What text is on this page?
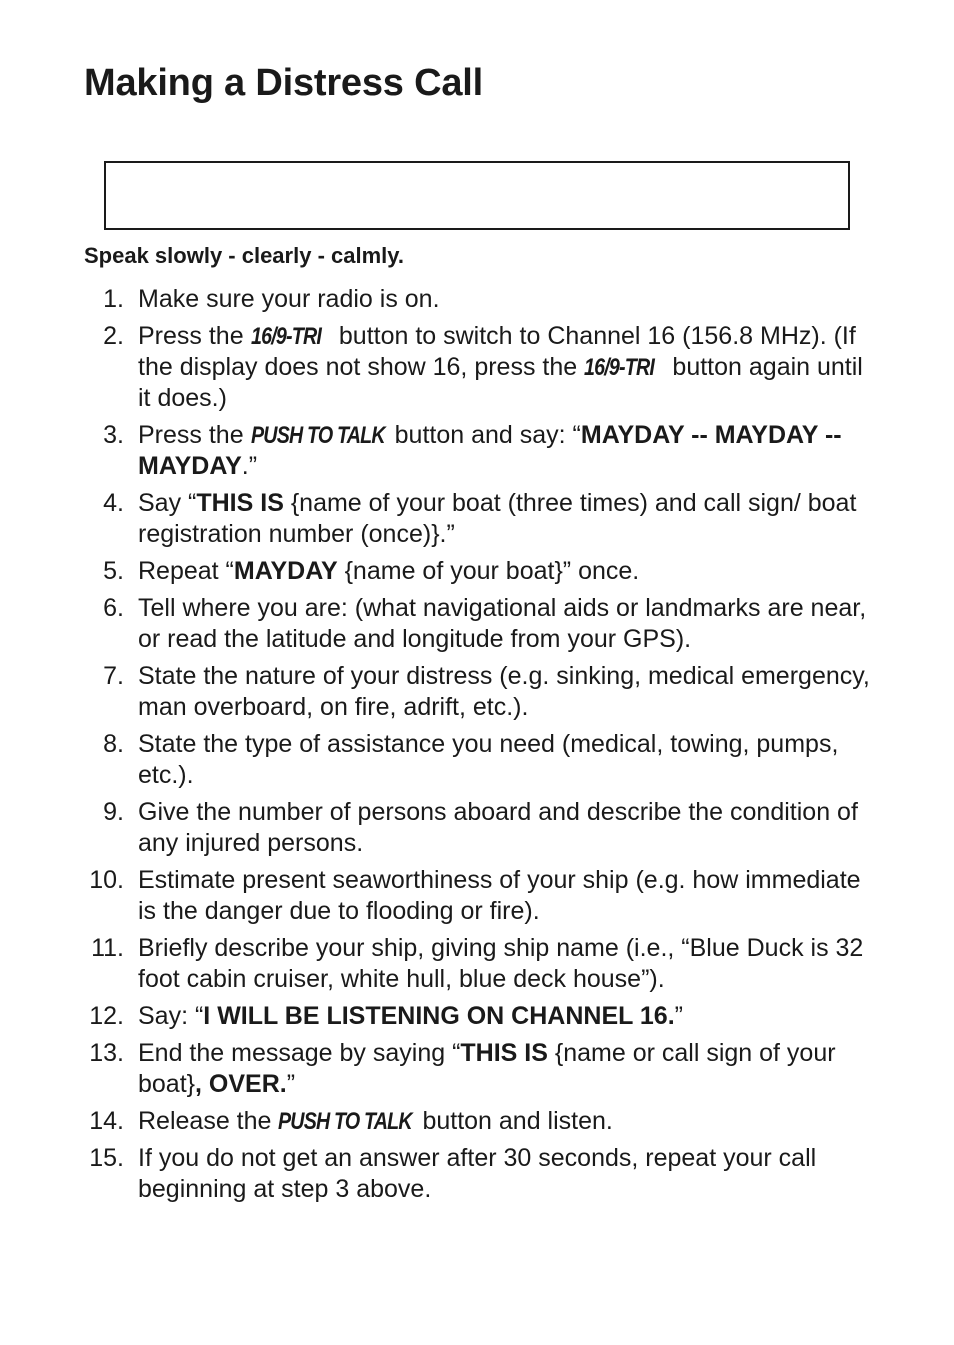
Making a Distress Call

Speak slowly - clearly - calmly.

1. Make sure your radio is on.
2. Press the 16/9-TRI button to switch to Channel 16 (156.8 MHz). (If the display does not show 16, press the 16/9-TRI button again until it does.)
3. Press the PUSH TO TALK button and say: “MAYDAY -- MAYDAY -- MAYDAY.”
4. Say “THIS IS {name of your boat (three times) and call sign/ boat registration number (once)}.”
5. Repeat “MAYDAY {name of your boat}” once.
6. Tell where you are: (what navigational aids or landmarks are near, or read the latitude and longitude from your GPS).
7. State the nature of your distress (e.g. sinking, medical emergency, man overboard, on fire, adrift, etc.).
8. State the type of assistance you need (medical, towing, pumps, etc.).
9. Give the number of persons aboard and describe the condition of any injured persons.
10. Estimate present seaworthiness of your ship (e.g. how immediate is the danger due to flooding or fire).
11. Briefly describe your ship, giving ship name (i.e., “Blue Duck is 32 foot cabin cruiser, white hull, blue deck house”).
12. Say: “I WILL BE LISTENING ON CHANNEL 16.”
13. End the message by saying “THIS IS {name or call sign of your boat}, OVER.”
14. Release the PUSH TO TALK button and listen.
15. If you do not get an answer after 30 seconds, repeat your call beginning at step 3 above.
